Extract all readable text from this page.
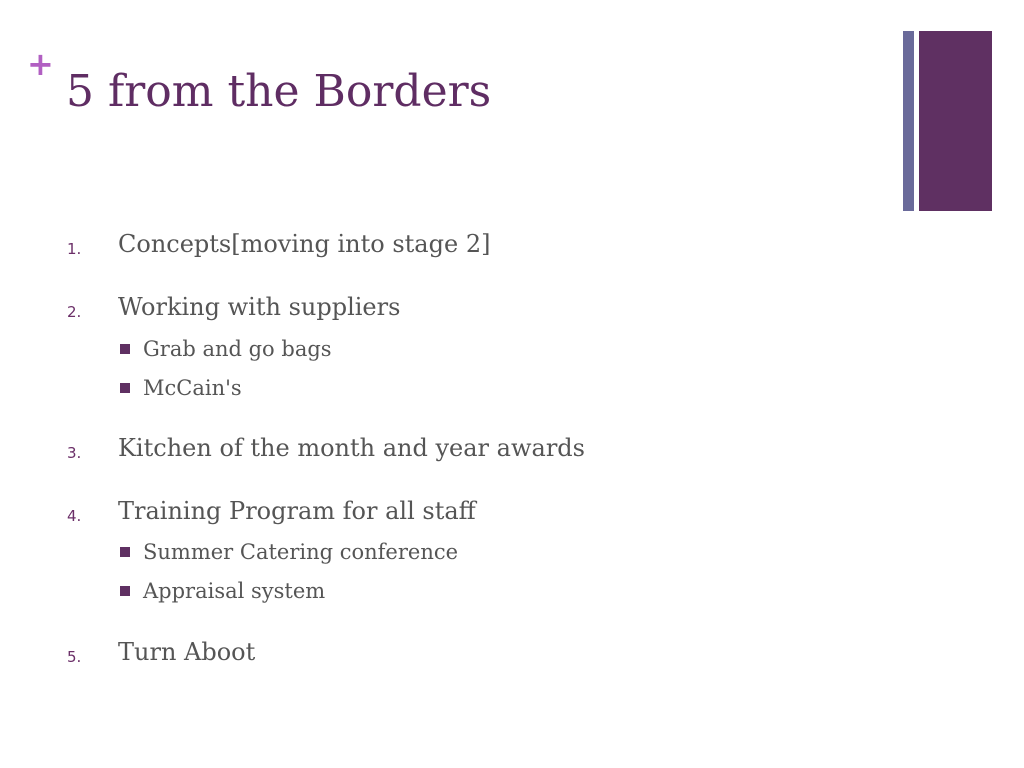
+
5 from the Borders
1. Concepts[moving into stage 2]
2. Working with suppliers
Grab and go bags
McCain's
3. Kitchen of the month and year awards
4. Training Program for all staff
Summer Catering conference
Appraisal system
5. Turn Aboot
